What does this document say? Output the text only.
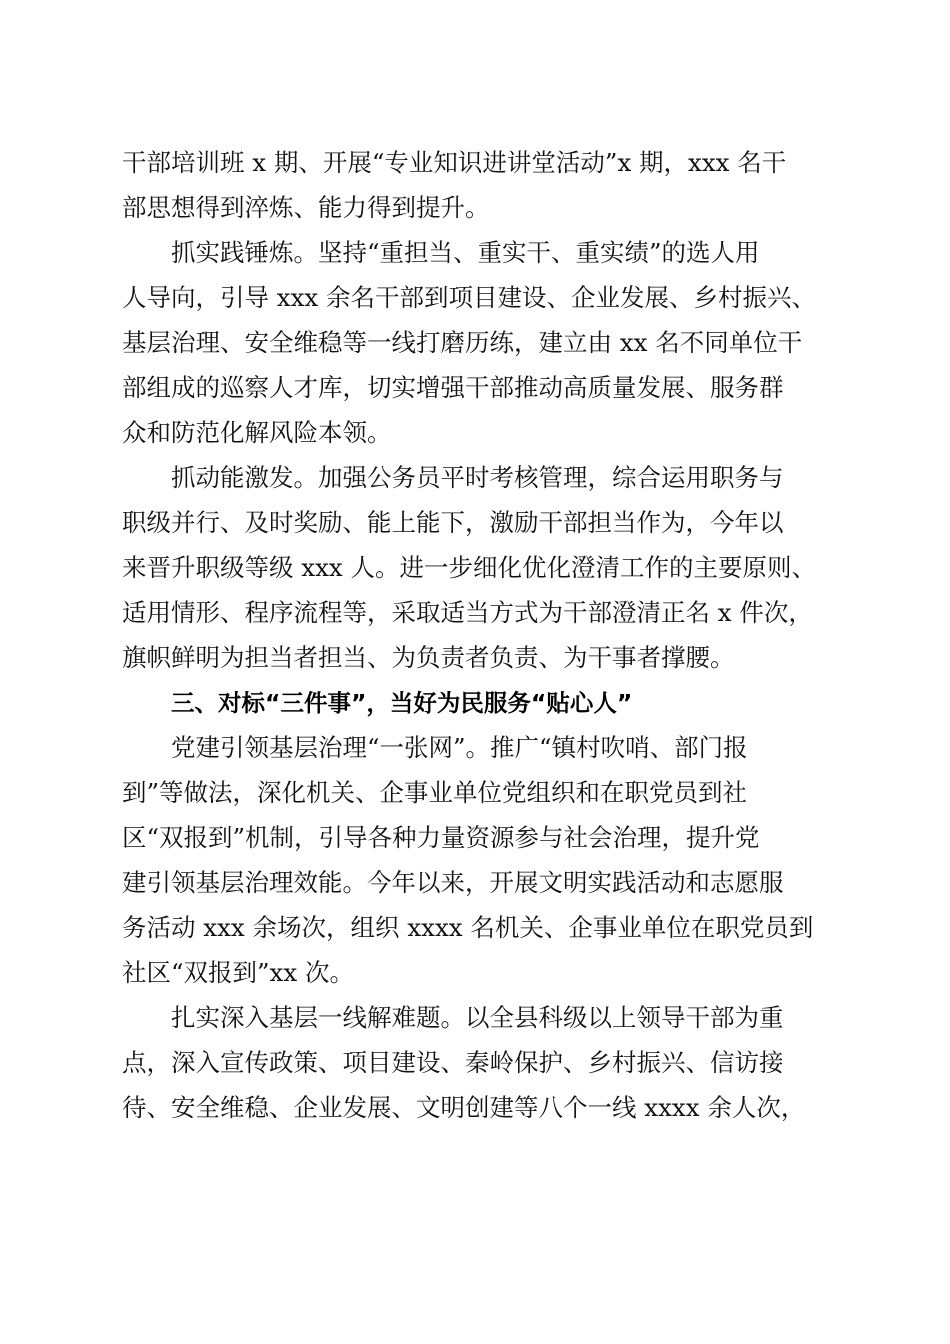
干部培训班 x 期、开展“专业知识进讲堂活动”x 期，xxx 名干
部思想得到淬炼、能力得到提升。
抓实践锤炼。坚持“重担当、重实干、重实绩”的选人用
人导向，引导 xxx 余名干部到项目建设、企业发展、乡村振兴、
基层治理、安全维稳等一线打磨历练，建立由 xx 名不同单位干
部组成的巡察人才库，切实增强干部推动高质量发展、服务群
众和防范化解风险本领。
抓动能激发。加强公务员平时考核管理，综合运用职务与
职级并行、及时奖励、能上能下，激励干部担当作为，今年以
来晋升职级等级 xxx 人。进一步细化优化澄清工作的主要原则、
适用情形、程序流程等，采取适当方式为干部澄清正名 x 件次，
旗帜鲜明为担当者担当、为负责者负责、为干事者撑腰。
三、对标“三件事”，当好为民服务“贴心人”
党建引领基层治理“一张网”。推广“镇村吹哨、部门报
到”等做法，深化机关、企事业单位党组织和在职党员到社
区“双报到”机制，引导各种力量资源参与社会治理，提升党
建引领基层治理效能。今年以来，开展文明实践活动和志愿服
务活动 xxx 余场次，组织 xxxx 名机关、企事业单位在职党员到
社区“双报到”xx 次。
扎实深入基层一线解难题。以全县科级以上领导干部为重
点，深入宣传政策、项目建设、秦岭保护、乡村振兴、信访接
待、安全维稳、企业发展、文明创建等八个一线 xxxx 余人次，
